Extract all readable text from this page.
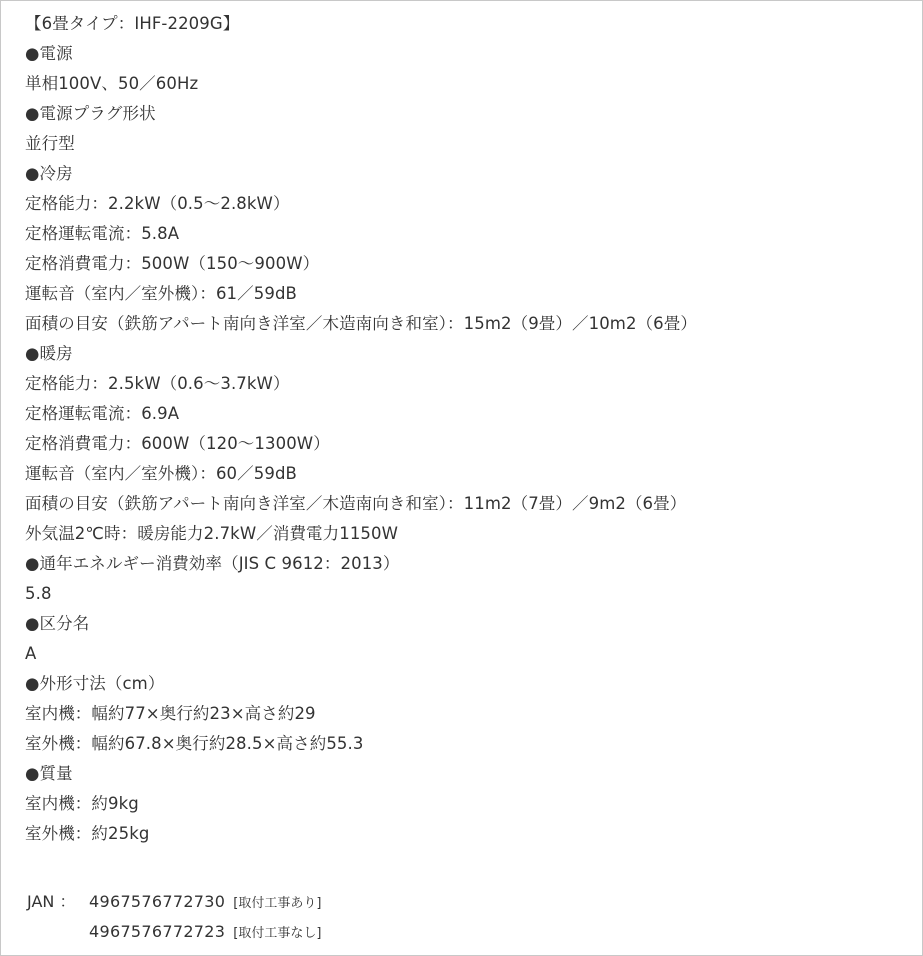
【6畳タイプ：IHF-2209G】
●電源
単相100V、50／60Hz
●電源プラグ形状
並行型
●冷房
定格能力：2.2kW（0.5～2.8kW）
定格運転電流：5.8A
定格消費電力：500W（150～900W）
運転音（室内／室外機）：61／59dB
面積の目安（鉄筋アパート南向き洋室／木造南向き和室）：15m2（9畳）／10m2（6畳）
●暖房
定格能力：2.5kW（0.6～3.7kW）
定格運転電流：6.9A
定格消費電力：600W（120～1300W）
運転音（室内／室外機）：60／59dB
面積の目安（鉄筋アパート南向き洋室／木造南向き和室）：11m2（7畳）／9m2（6畳）
外気温2℃時：暖房能力2.7kW／消費電力1150W
●通年エネルギー消費効率（JIS C 9612：2013）
5.8
●区分名
A
●外形寸法（cm）
室内機：幅約77×奥行約23×高さ約29
室外機：幅約67.8×奥行約28.5×高さ約55.3
●質量
室内機：約9kg
室外機：約25kg
JAN ： 4967576772730 [取付工事あり]
4967576772723 [取付工事なし]
